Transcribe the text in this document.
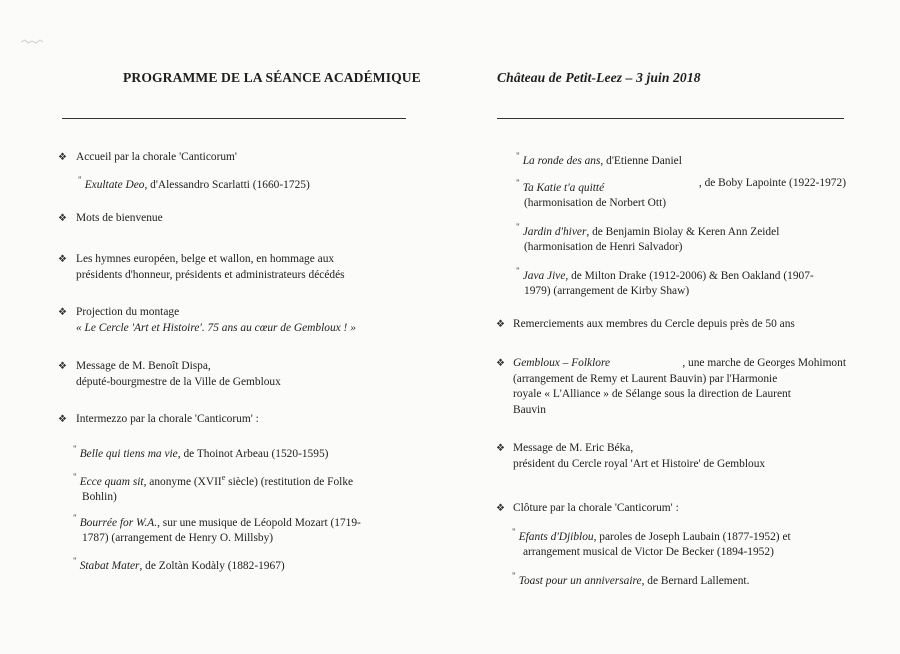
PROGRAMME DE LA SÉANCE ACADÉMIQUE	Château de Petit-Leez – 3 juin 2018
❖ Accueil par la chorale 'Canticorum'
" Exultate Deo, d'Alessandro Scarlatti (1660-1725)
❖ Mots de bienvenue
❖ Les hymnes européen, belge et wallon, en hommage aux
présidents d'honneur, présidents et administrateurs décédés
❖ Projection du montage
« Le Cercle 'Art et Histoire'. 75 ans au cœur de Gembloux ! »
❖ Message de M. Benoît Dispa,
député-bourgmestre de la Ville de Gembloux
❖ Intermezzo par la chorale 'Canticorum' :
" Belle qui tiens ma vie, de Thoinot Arbeau (1520-1595)
" Ecce quam sit, anonyme (XVIIe siècle) (restitution de Folke
Bohlin)
" Bourrée for W.A., sur une musique de Léopold Mozart (1719-
1787) (arrangement de Henry O. Millsby)
" Stabat Mater, de Zoltàn Kodàly (1882-1967)
" La ronde des ans, d'Etienne Daniel
" Ta Katie t'a quitté	, de Boby Lapointe (1922-1972)
(harmonisation de Norbert Ott)
" Jardin d'hiver, de Benjamin Biolay & Keren Ann Zeidel
(harmonisation de Henri Salvador)
" Java Jive, de Milton Drake (1912-2006) & Ben Oakland (1907-
1979) (arrangement de Kirby Shaw)
❖ Remerciements aux membres du Cercle depuis près de 50 ans
❖ Gembloux – Folklore	, une marche de Georges Mohimont
(arrangement de Remy et Laurent Bauvin) par l'Harmonie
royale « L'Alliance » de Sélange sous la direction de Laurent
Bauvin
❖ Message de M. Eric Béka,
président du Cercle royal 'Art et Histoire' de Gembloux
❖ Clôture par la chorale 'Canticorum' :
" Efants d'Djiblou, paroles de Joseph Laubain (1877-1952) et
arrangement musical de Victor De Becker (1894-1952)
" Toast pour un anniversaire, de Bernard Lallement.
